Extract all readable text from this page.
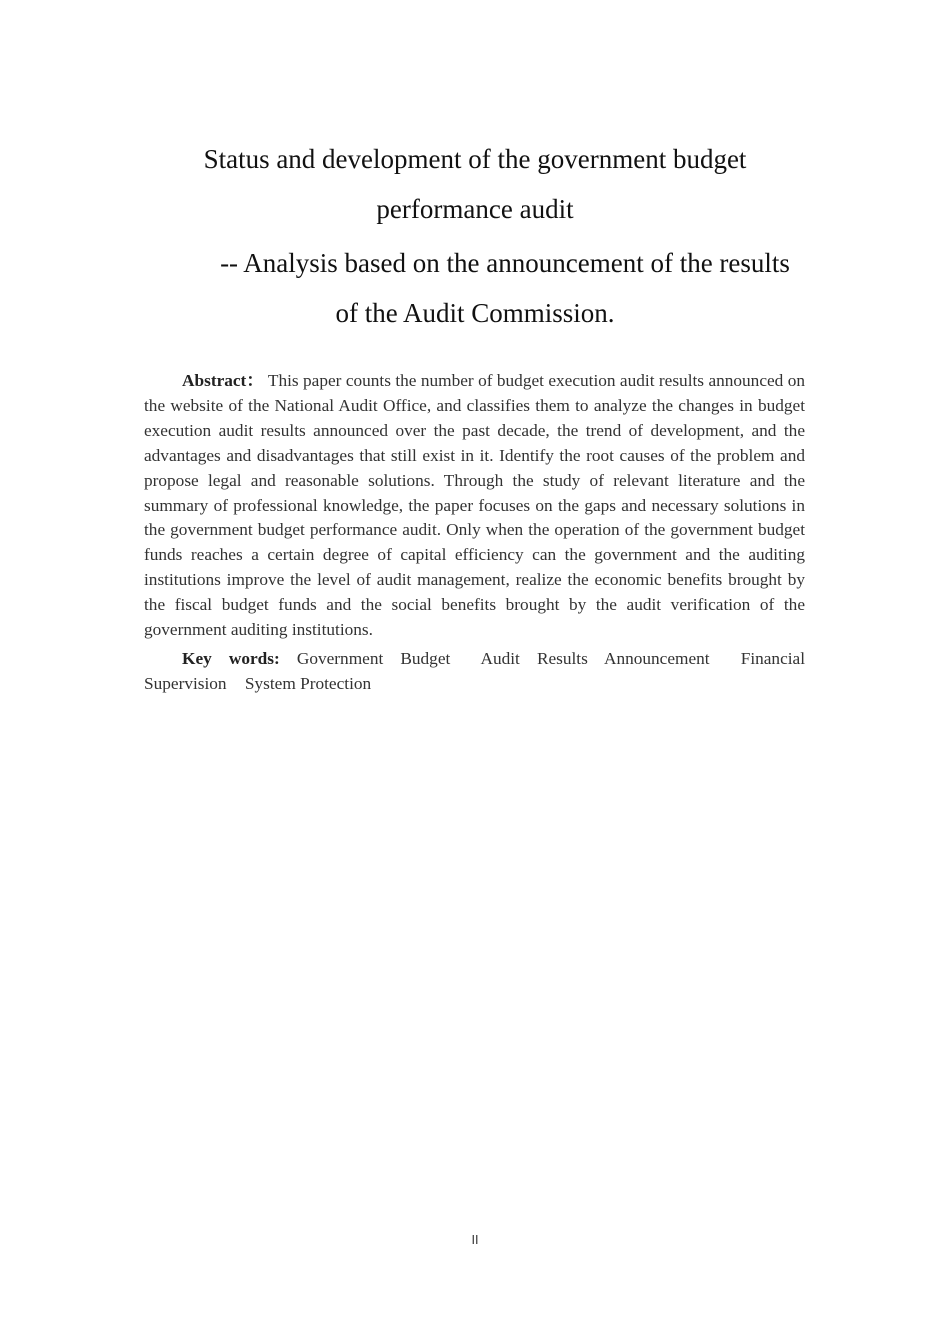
Status and development of the government budget

performance audit

-- Analysis based on the announcement of the results

of the Audit Commission.

Abstract： This paper counts the number of budget execution audit results announced on the website of the National Audit Office, and classifies them to analyze the changes in budget execution audit results announced over the past decade, the trend of development, and the advantages and disadvantages that still exist in it. Identify the root causes of the problem and propose legal and reasonable solutions. Through the study of relevant literature and the summary of professional knowledge, the paper focuses on the gaps and necessary solutions in the government budget performance audit. Only when the operation of the government budget funds reaches a certain degree of capital efficiency can the government and the auditing institutions improve the level of audit management, realize the economic benefits brought by the fiscal budget funds and the social benefits brought by the audit verification of the government auditing institutions.

Key words: Government Budget Audit Results Announcement Financial Supervision System Protection

II
